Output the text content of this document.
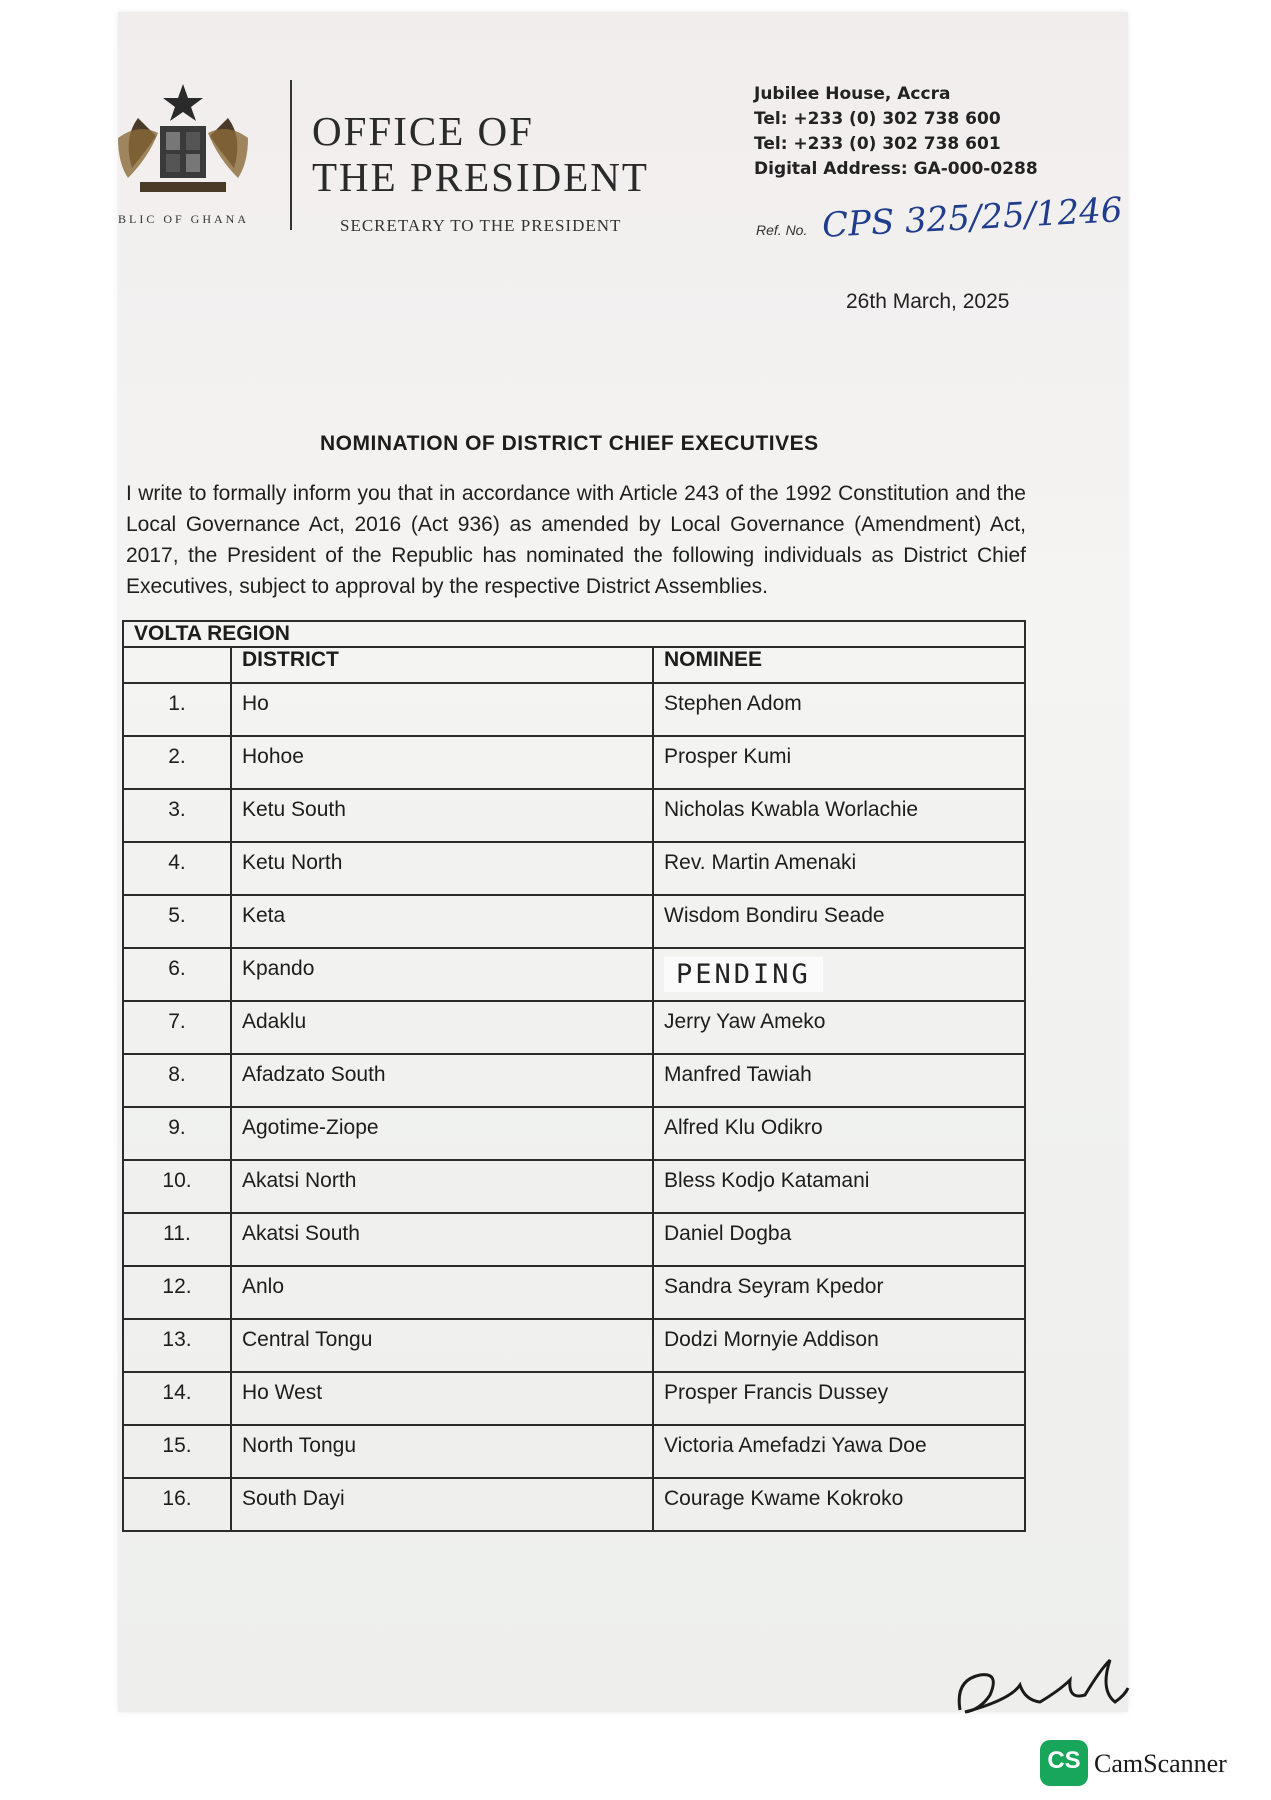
BLIC OF GHANA
OFFICE OF
THE PRESIDENT
SECRETARY TO THE PRESIDENT
Jubilee House, Accra
Tel: +233 (0) 302 738 600
Tel: +233 (0) 302 738 601
Digital Address: GA-000-0288
Ref. No. CPS 325/25/1246
26th March, 2025
NOMINATION OF DISTRICT CHIEF EXECUTIVES
I write to formally inform you that in accordance with Article 243 of the 1992 Constitution and the Local Governance Act, 2016 (Act 936) as amended by Local Governance (Amendment) Act, 2017, the President of the Republic has nominated the following individuals as District Chief Executives, subject to approval by the respective District Assemblies.
VOLTA REGION		
	DISTRICT	NOMINEE
1.	Ho	Stephen Adom
2.	Hohoe	Prosper Kumi
3.	Ketu South	Nicholas Kwabla Worlachie
4.	Ketu North	Rev. Martin Amenaki
5.	Keta	Wisdom Bondiru Seade
6.	Kpando	PENDING
7.	Adaklu	Jerry Yaw Ameko
8.	Afadzato South	Manfred Tawiah
9.	Agotime-Ziope	Alfred Klu Odikro
10.	Akatsi North	Bless Kodjo Katamani
11.	Akatsi South	Daniel Dogba
12.	Anlo	Sandra Seyram Kpedor
13.	Central Tongu	Dodzi Mornyie Addison
14.	Ho West	Prosper Francis Dussey
15.	North Tongu	Victoria Amefadzi Yawa Doe
16.	South Dayi	Courage Kwame Kokroko
CS CamScanner
